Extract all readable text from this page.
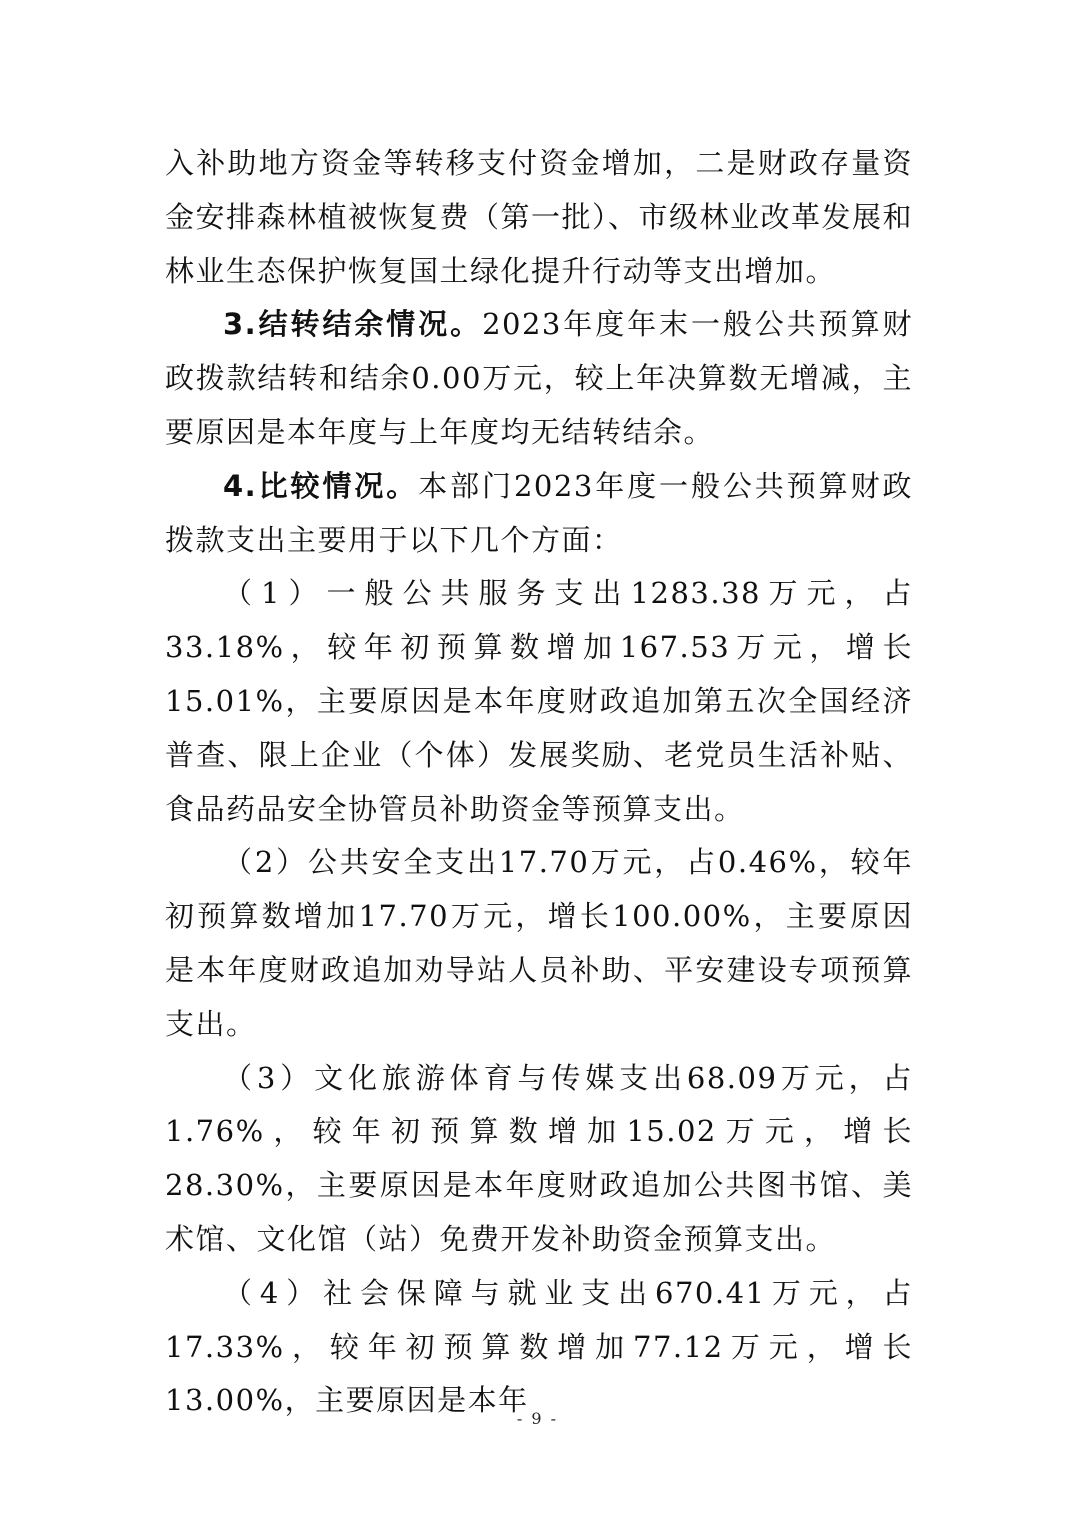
入补助地方资金等转移支付资金增加，二是财政存量资金安排森林植被恢复费（第一批）、市级林业改革发展和林业生态保护恢复国土绿化提升行动等支出增加。

3.结转结余情况。2023年度年末一般公共预算财政拨款结转和结余0.00万元，较上年决算数无增减，主要原因是本年度与上年度均无结转结余。

4.比较情况。本部门2023年度一般公共预算财政拨款支出主要用于以下几个方面：

（1）一般公共服务支出1283.38万元，占33.18%，较年初预算数增加167.53万元，增长15.01%，主要原因是本年度财政追加第五次全国经济普查、限上企业（个体）发展奖励、老党员生活补贴、食品药品安全协管员补助资金等预算支出。

（2）公共安全支出17.70万元，占0.46%，较年初预算数增加17.70万元，增长100.00%，主要原因是本年度财政追加劝导站人员补助、平安建设专项预算支出。

（3）文化旅游体育与传媒支出68.09万元，占1.76%，较年初预算数增加15.02万元，增长28.30%，主要原因是本年度财政追加公共图书馆、美术馆、文化馆（站）免费开发补助资金预算支出。

（4）社会保障与就业支出670.41万元，占17.33%，较年初预算数增加77.12万元，增长13.00%，主要原因是本年

- 9 -
